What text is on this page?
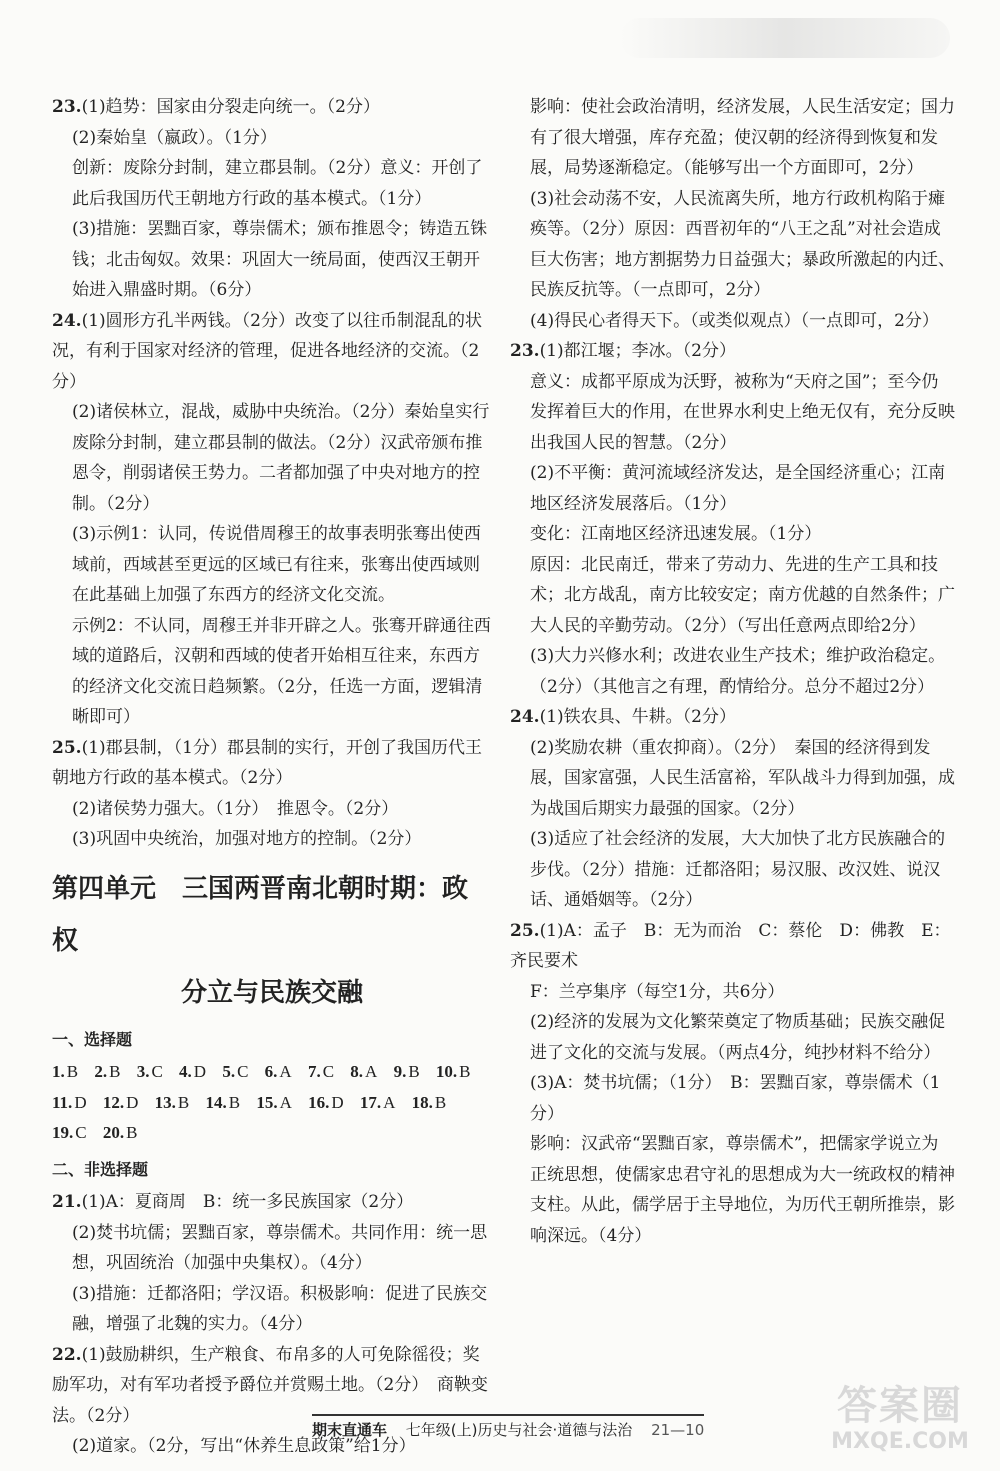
23.(1)趋势：国家由分裂走向统一。（2分）

(2)秦始皇（嬴政）。（1分）

创新：废除分封制，建立郡县制。（2分）意义：开创了此后我国历代王朝地方行政的基本模式。（1分）

(3)措施：罢黜百家，尊崇儒术；颁布推恩令；铸造五铢钱；北击匈奴。效果：巩固大一统局面，使西汉王朝开始进入鼎盛时期。（6分）

24.(1)圆形方孔半两钱。（2分）改变了以往币制混乱的状况，有利于国家对经济的管理，促进各地经济的交流。（2分）

(2)诸侯林立，混战，威胁中央统治。（2分）秦始皇实行废除分封制，建立郡县制的做法。（2分）汉武帝颁布推恩令，削弱诸侯王势力。二者都加强了中央对地方的控制。（2分）

(3)示例1：认同，传说借周穆王的故事表明张骞出使西域前，西域甚至更远的区域已有往来，张骞出使西域则在此基础上加强了东西方的经济文化交流。

示例2：不认同，周穆王并非开辟之人。张骞开辟通往西域的道路后，汉朝和西域的使者开始相互往来，东西方的经济文化交流日趋频繁。（2分，任选一方面，逻辑清晰即可）

25.(1)郡县制，（1分）郡县制的实行，开创了我国历代王朝地方行政的基本模式。（2分）

(2)诸侯势力强大。（1分）　推恩令。（2分）

(3)巩固中央统治，加强对地方的控制。（2分）

第四单元　三国两晋南北朝时期：政权
分立与民族交融
一、选择题
1. B 2. B 3. C 4. D 5. C 6. A 7. C 8. A 9. B 10. B
11. D 12. D 13. B 14. B 15. A 16. D 17. A 18. B
19. C 20. B
二、非选择题

21.(1)A：夏商周　B：统一多民族国家（2分）

(2)焚书坑儒；罢黜百家，尊崇儒术。共同作用：统一思想，巩固统治（加强中央集权）。（4分）

(3)措施：迁都洛阳；学汉语。积极影响：促进了民族交融，增强了北魏的实力。（4分）

22.(1)鼓励耕织，生产粮食、布帛多的人可免除徭役；奖励军功，对有军功者授予爵位并赏赐土地。（2分）　商鞅变法。（2分）

(2)道家。（2分，写出“休养生息政策”给1分）

影响：使社会政治清明，经济发展，人民生活安定；国力有了很大增强，库存充盈；使汉朝的经济得到恢复和发展，局势逐渐稳定。（能够写出一个方面即可，2分）

(3)社会动荡不安，人民流离失所，地方行政机构陷于瘫痪等。（2分）原因：西晋初年的“八王之乱”对社会造成巨大伤害；地方割据势力日益强大；暴政所激起的内迁、民族反抗等。（一点即可，2分）

(4)得民心者得天下。（或类似观点）（一点即可，2分）

23.(1)都江堰；李冰。（2分）

意义：成都平原成为沃野，被称为“天府之国”；至今仍发挥着巨大的作用，在世界水利史上绝无仅有，充分反映出我国人民的智慧。（2分）

(2)不平衡：黄河流域经济发达，是全国经济重心；江南地区经济发展落后。（1分）

变化：江南地区经济迅速发展。（1分）

原因：北民南迁，带来了劳动力、先进的生产工具和技术；北方战乱，南方比较安定；南方优越的自然条件；广大人民的辛勤劳动。（2分）（写出任意两点即给2分）

(3)大力兴修水利；改进农业生产技术；维护政治稳定。（2分）（其他言之有理，酌情给分。总分不超过2分）

24.(1)铁农具、牛耕。（2分）

(2)奖励农耕（重农抑商）。（2分）　秦国的经济得到发展，国家富强，人民生活富裕，军队战斗力得到加强，成为战国后期实力最强的国家。（2分）

(3)适应了社会经济的发展，大大加快了北方民族融合的步伐。（2分）措施：迁都洛阳；易汉服、改汉姓、说汉话、通婚姻等。（2分）

25.(1)A：孟子　B：无为而治　C：蔡伦　D：佛教　E：齐民要术

F：兰亭集序（每空1分，共6分）

(2)经济的发展为文化繁荣奠定了物质基础；民族交融促进了文化的交流与发展。（两点4分，纯抄材料不给分）

(3)A：焚书坑儒；（1分）　B：罢黜百家，尊崇儒术（1分）

影响：汉武帝“罢黜百家，尊崇儒术”，把儒家学说立为正统思想，使儒家忠君守礼的思想成为大一统政权的精神支柱。从此，儒学居于主导地位，为历代王朝所推崇，影响深远。（4分）

期末直通车 七年级(上)历史与社会·道德与法治 21—10
答案圈
MXQE.COM
